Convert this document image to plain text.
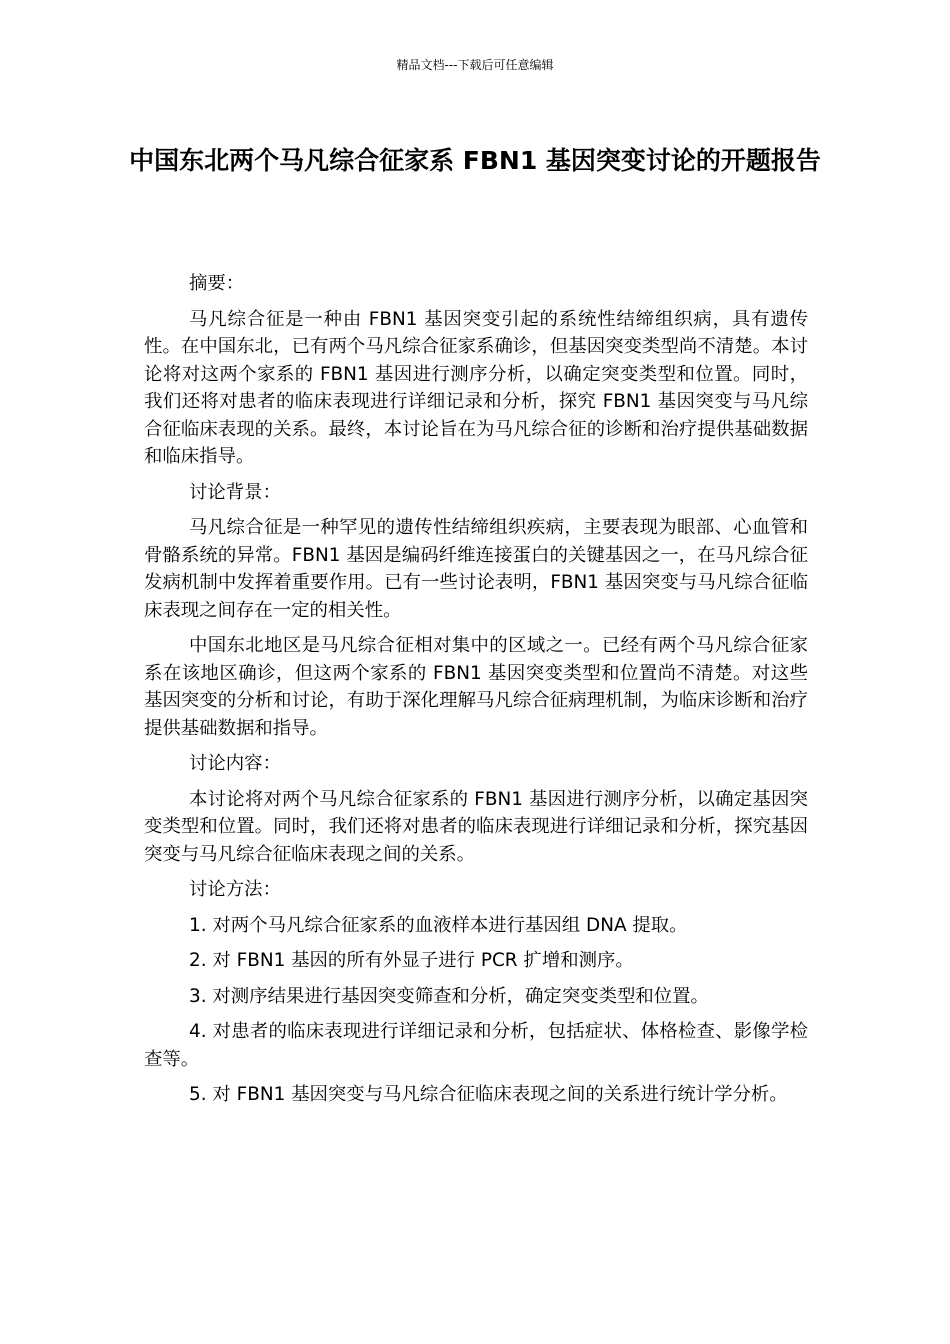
精品文档---下载后可任意编辑
中国东北两个马凡综合征家系 FBN1 基因突变讨论的开题报告

摘要：

马凡综合征是一种由 FBN1 基因突变引起的系统性结缔组织病，具有遗传性。在中国东北，已有两个马凡综合征家系确诊，但基因突变类型尚不清楚。本讨论将对这两个家系的 FBN1 基因进行测序分析，以确定突变类型和位置。同时，我们还将对患者的临床表现进行详细记录和分析，探究 FBN1 基因突变与马凡综合征临床表现的关系。最终，本讨论旨在为马凡综合征的诊断和治疗提供基础数据和临床指导。

讨论背景：

马凡综合征是一种罕见的遗传性结缔组织疾病，主要表现为眼部、心血管和骨骼系统的异常。FBN1 基因是编码纤维连接蛋白的关键基因之一，在马凡综合征发病机制中发挥着重要作用。已有一些讨论表明，FBN1 基因突变与马凡综合征临床表现之间存在一定的相关性。

中国东北地区是马凡综合征相对集中的区域之一。已经有两个马凡综合征家系在该地区确诊，但这两个家系的 FBN1 基因突变类型和位置尚不清楚。对这些基因突变的分析和讨论，有助于深化理解马凡综合征病理机制，为临床诊断和治疗提供基础数据和指导。

讨论内容：

本讨论将对两个马凡综合征家系的 FBN1 基因进行测序分析，以确定基因突变类型和位置。同时，我们还将对患者的临床表现进行详细记录和分析，探究基因突变与马凡综合征临床表现之间的关系。

讨论方法：

1. 对两个马凡综合征家系的血液样本进行基因组 DNA 提取。

2. 对 FBN1 基因的所有外显子进行 PCR 扩增和测序。

3. 对测序结果进行基因突变筛查和分析，确定突变类型和位置。

4. 对患者的临床表现进行详细记录和分析，包括症状、体格检查、影像学检查等。

5. 对 FBN1 基因突变与马凡综合征临床表现之间的关系进行统计学分析。
